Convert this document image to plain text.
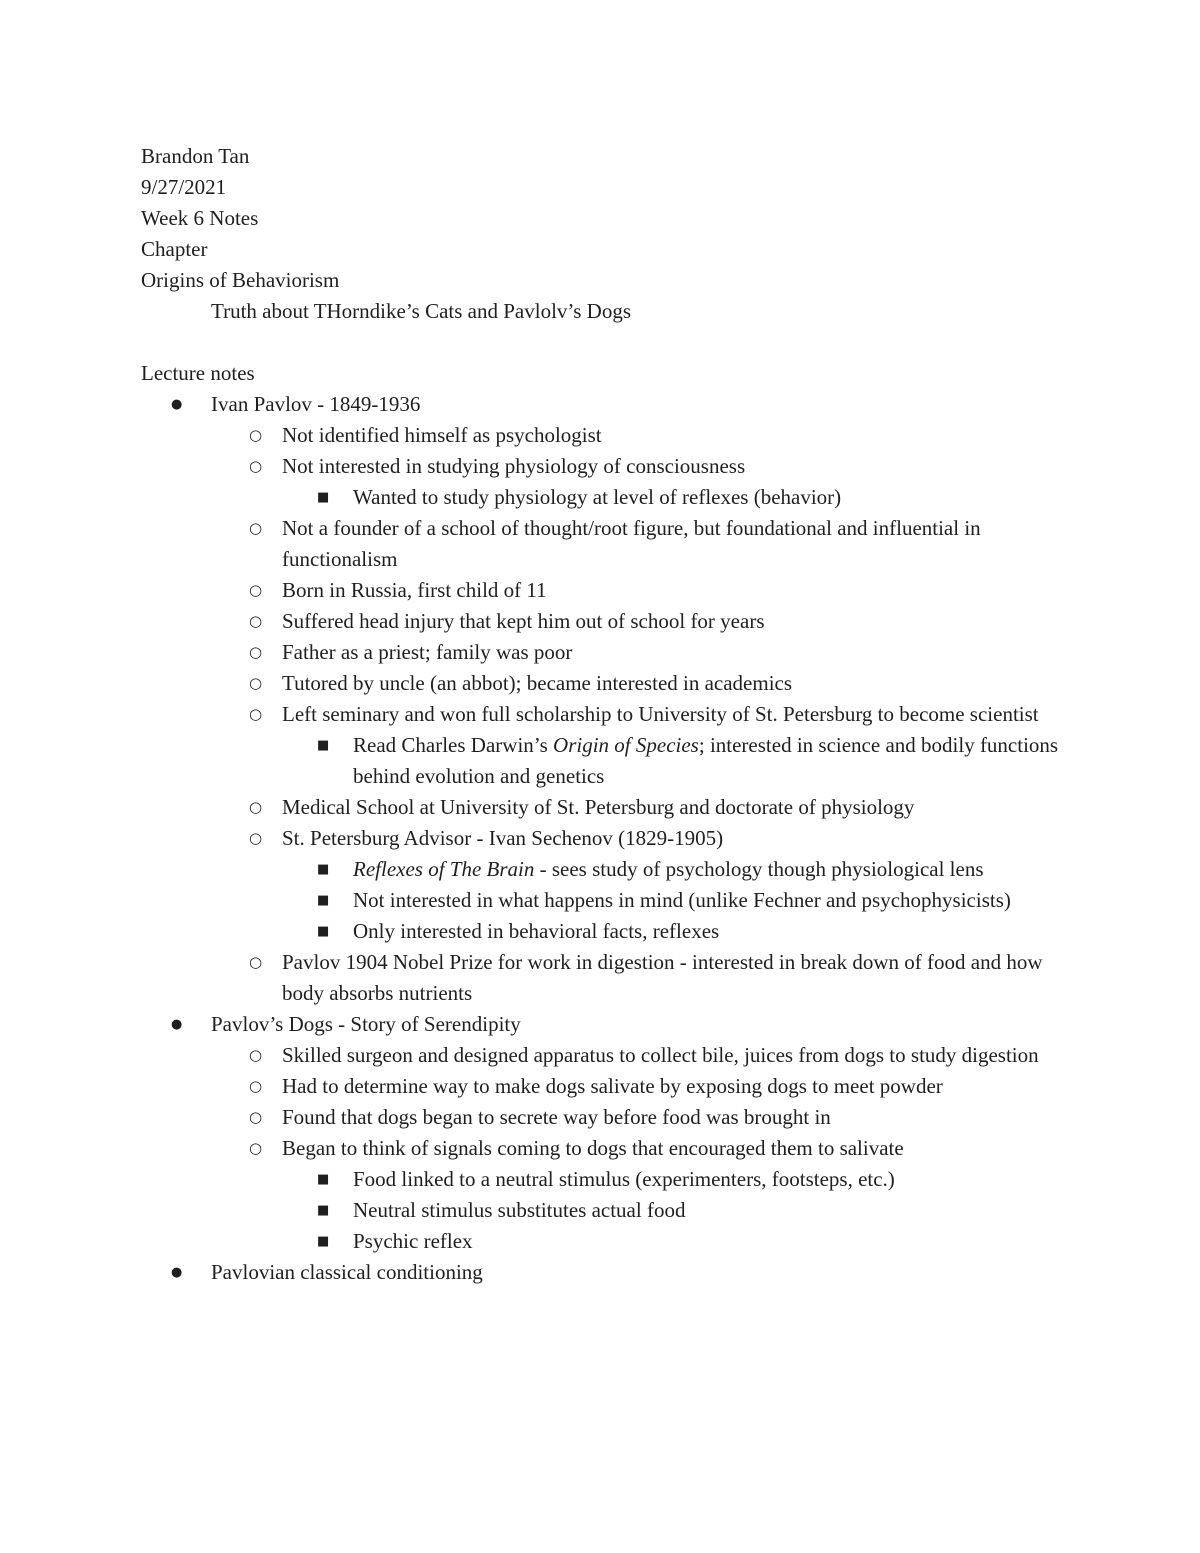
Brandon Tan

9/27/2021

Week 6 Notes

Chapter

Origins of Behaviorism

Truth about THorndike’s Cats and Pavlolv’s Dogs

Lecture notes

● Ivan Pavlov - 1849-1936
○ Not identified himself as psychologist
○ Not interested in studying physiology of consciousness
■ Wanted to study physiology at level of reflexes (behavior)
○ Not a founder of a school of thought/root figure, but foundational and influential in functionalism
○ Born in Russia, first child of 11
○ Suffered head injury that kept him out of school for years
○ Father as a priest; family was poor
○ Tutored by uncle (an abbot); became interested in academics
○ Left seminary and won full scholarship to University of St. Petersburg to become scientist
■ Read Charles Darwin’s Origin of Species; interested in science and bodily functions behind evolution and genetics
○ Medical School at University of St. Petersburg and doctorate of physiology
○ St. Petersburg Advisor - Ivan Sechenov (1829-1905)
■ Reflexes of The Brain - sees study of psychology though physiological lens
■ Not interested in what happens in mind (unlike Fechner and psychophysicists)
■ Only interested in behavioral facts, reflexes
○ Pavlov 1904 Nobel Prize for work in digestion - interested in break down of food and how body absorbs nutrients
● Pavlov’s Dogs - Story of Serendipity
○ Skilled surgeon and designed apparatus to collect bile, juices from dogs to study digestion
○ Had to determine way to make dogs salivate by exposing dogs to meet powder
○ Found that dogs began to secrete way before food was brought in
○ Began to think of signals coming to dogs that encouraged them to salivate
■ Food linked to a neutral stimulus (experimenters, footsteps, etc.)
■ Neutral stimulus substitutes actual food
■ Psychic reflex
● Pavlovian classical conditioning
